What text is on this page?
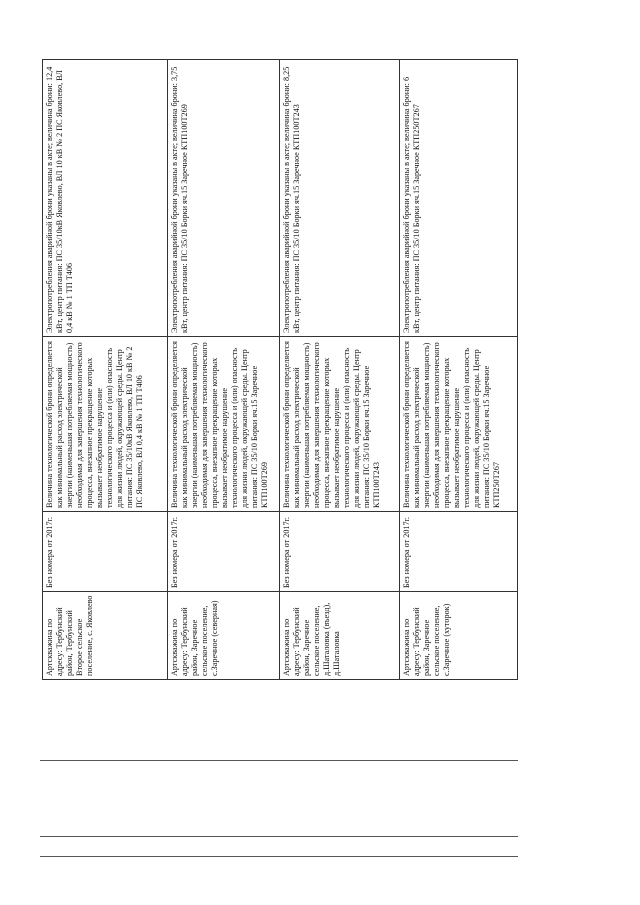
Артскважина по адресу: Тербунский район, Тербунский Второе сельское поселение, с. Яковлево	Без номера от 2017г.	Величина технологической брони определяется как минимальный расход электрической энергии (наименьшая потребляемая мощность) необходимая для завершения технологического процесса, внезапное прекращение которых вызывает необратимое нарушение технологического процесса и (или) опасность для жизни людей, окружающей среды. Центр питания: ПС 35/10кВ Яковлево, ВЛ 10 кВ № 2 ПС Яковлево, ВЛ 0,4 кВ № 1 ТП Т406	Электропотребления аварийной брони указаны в акте; величина брони: 12,4 кВт, центр питания: ПС 35/10кВ Яковлево, ВЛ 10 кВ № 2 ПС Яковлево, ВЛ 0,4 кВ № 1 ТП Т406
Артскважина по адресу: Тербунский район, Заречное сельское поселение, с.Заречное (северная)	Без номера от 2017г.	Величина технологической брони определяется как минимальный расход электрической энергии (наименьшая потребляемая мощность) необходимая для завершения технологического процесса, внезапное прекращение которых вызывает необратимое нарушение технологического процесса и (или) опасность для жизни людей, окружающей среды. Центр питания: ПС 35/10 Борки яч.15 Заречное КТП100Т269	Электропотребления аварийной брони указаны в акте; величина брони: 3,75 кВт, центр питания: ПС 35/10 Борки яч.15 Заречное КТП100Т269
Артскважина по адресу: Тербунский район, Заречное сельское поселение, д.Шаталовка (въезд), д.Шаталовка	Без номера от 2017г.	Величина технологической брони определяется как минимальный расход электрической энергии (наименьшая потребляемая мощность) необходимая для завершения технологического процесса, внезапное прекращение которых вызывает необратимое нарушение технологического процесса и (или) опасность для жизни людей, окружающей среды. Центр питания: ПС 35/10 Борки яч.15 Заречное КТП100Т243	Электропотребления аварийной брони указаны в акте; величина брони: 8,25 кВт, центр питания: ПС 35/10 Борки яч.15 Заречное КТП100Т243
Артскважина по адресу: Тербунский район, Заречное сельское поселение, с.Заречное (хуторок)	Без номера от 2017г.	Величина технологической брони определяется как минимальный расход электрической энергии (наименьшая потребляемая мощность) необходимая для завершения технологического процесса, внезапное прекращение которых вызывает необратимое нарушение технологического процесса и (или) опасность для жизни людей, окружающей среды. Центр питания: ПС 35/10 Борки яч.15 Заречное КТП250Т267	Электропотребления аварийной брони указаны в акте; величина брони: 6 кВт, центр питания: ПС 35/10 Борки яч.15 Заречное КТП250Т267
